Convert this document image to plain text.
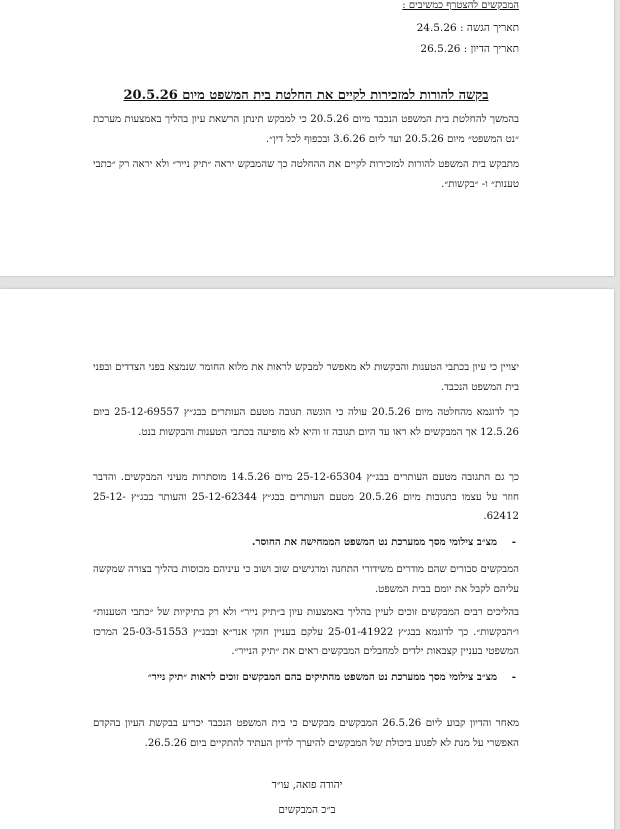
המבקשים להצטרף כמשיבים :
תאריך הגשה : 24.5.26
תאריך הדיון : 26.5.26
בקשה להורות למזכירות לקיים את החלטת בית המשפט מיום 20.5.26
בהמשך להחלטת בית המשפט הנכבד מיום 20.5.26 כי למבקש תינתן הרשאת עיון בהליך באמצעות מערכת ״נט המשפט״ מיום 20.5.26 ועד ליום 3.6.26 ובכפוף לכל דין״.
מתבקש בית המשפט להורות למזכירות לקיים את ההחלטה כך שהמבקש יראה ״תיק נייר״ ולא יראה רק ״כתבי טענות״ ו- ״בקשות״.
יצויין כי עיון בכתבי הטענות והבקשות לא מאפשר למבקש לראות את מלוא החומר שנמצא בפני הצדדים ובפני בית המשפט הנכבד.
כך לדוגמא מהחלטה מיום 20.5.26 עולה כי הוגשה תגובה מטעם העותרים בבג״ץ 25-12-69557 ביום 12.5.26 אך המבקשים לא ראו עד היום תגובה זו והיא לא מופיעה בכתבי הטענות והבקשות בנט.
כך גם התגובה מטעם העותרים בבג״ץ 25-12-65304 מיום 14.5.26 מוסתרות מעיני המבקשים. והדבר חוזר על עצמו בתגובות מיום 20.5.26 מטעם העותרים בבג״ץ 25-12-62344 והעותר בבג״ץ 25-12-62412.
-
מצ״ב צילומי מסך ממערכת נט המשפט הממחישה את החוסר.
המבקשים סבורים שהם מודרים משידורי התחנה ומרגישים שוב ושוב כי עיניהם מכוסות בהליך בצורה שמקשה עליהם לקבל את יומם בבית המשפט.
בהליכים רבים המבקשים זוכים לעיין בהליך באמצעות עיון ב״תיק נייר״ ולא רק בתיקיות של ״כתבי הטענות״ ו״הבקשות״. כך לדוגמא בבג״ץ 25-01-41922 עלקם בעניין חוקי אנר״א ובבג״ץ 25-03-51553 המרכז המשפטי בעניין קצבאות ילדים למחבלים המבקשים ראים את ״תיק הנייר״.
-
מצ״ב צילומי מסך ממערכת נט המשפט מהתיקים בהם המבקשים זוכים לראות ״תיק נייר״
מאחר והדיון קבוע ליום 26.5.26 המבקשים מבקשים כי בית המשפט הנכבד יכריע בבקשת העיון בהקדם האפשרי על מנת לא לפגוע ביכולת של המבקשים להיערך לדיון העתיד להתקיים ביום 26.5.26.
יהודה פואה, עו״ד
ב״כ המבקשים
